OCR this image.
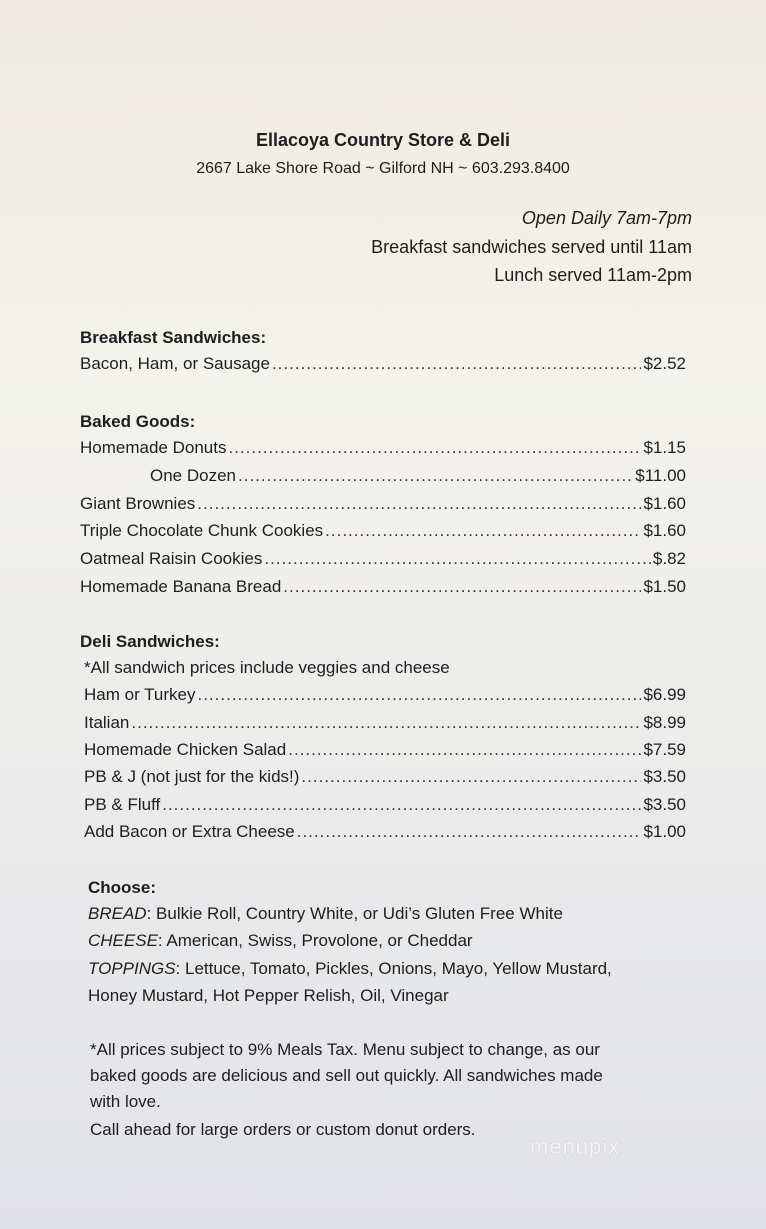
Ellacoya Country Store & Deli
2667 Lake Shore Road ~ Gilford NH ~ 603.293.8400
Open Daily 7am-7pm
Breakfast sandwiches served until 11am
Lunch served 11am-2pm
Breakfast Sandwiches:
Bacon, Ham, or Sausage .....	$2.52
Baked Goods:
Homemade Donuts .....	$1.15
One Dozen .....	$11.00
Giant Brownies .....	$1.60
Triple Chocolate Chunk Cookies .....	$1.60
Oatmeal Raisin Cookies .....	$.82
Homemade Banana Bread .....	$1.50
Deli Sandwiches:
*All sandwich prices include veggies and cheese
Ham or Turkey .....	$6.99
Italian .....	$8.99
Homemade Chicken Salad .....	$7.59
PB & J (not just for the kids!) .....	$3.50
PB & Fluff .....	$3.50
Add Bacon or Extra Cheese .....	$1.00
Choose:
BREAD: Bulkie Roll, Country White, or Udi’s Gluten Free White
CHEESE: American, Swiss, Provolone, or Cheddar
TOPPINGS: Lettuce, Tomato, Pickles, Onions, Mayo, Yellow Mustard,
Honey Mustard, Hot Pepper Relish, Oil, Vinegar
*All prices subject to 9% Meals Tax. Menu subject to change, as our
baked goods are delicious and sell out quickly. All sandwiches made
with love.
Call ahead for large orders or custom donut orders.
menupix
